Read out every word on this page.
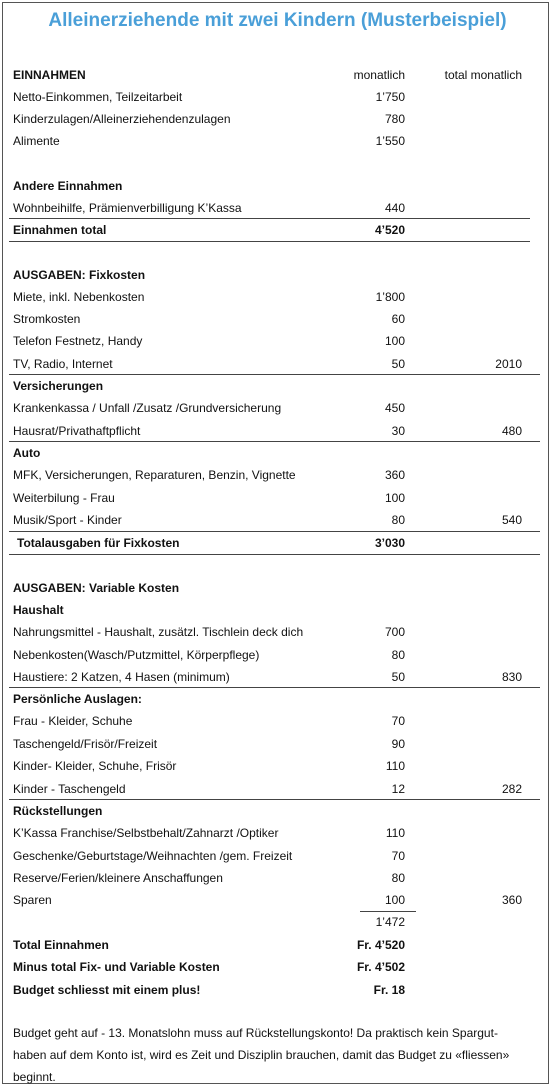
Alleinerziehende mit zwei Kindern (Musterbeispiel)
EINNAHMEN	monatlich	total monatlich
Netto-Einkommen, Teilzeitarbeit	1’750
Kinderzulagen/Alleinerziehendenzulagen	780
Alimente	1’550
Andere Einnahmen
Wohnbeihilfe, Prämienverbilligung K’Kassa	440
Einnahmen total	4’520
AUSGABEN: Fixkosten
Miete, inkl. Nebenkosten	1’800
Stromkosten	60
Telefon Festnetz, Handy	100
TV, Radio, Internet	50	2010
Versicherungen
Krankenkassa / Unfall /Zusatz /Grundversicherung	450
Hausrat/Privathaftpflicht	30	480
Auto
MFK, Versicherungen, Reparaturen, Benzin, Vignette	360
Weiterbilung - Frau	100
Musik/Sport - Kinder	80	540
Totalausgaben für Fixkosten	3’030
AUSGABEN: Variable Kosten
Haushalt
Nahrungsmittel - Haushalt, zusätzl. Tischlein deck dich	700
Nebenkosten(Wasch/Putzmittel, Körperpflege)	80
Haustiere: 2 Katzen, 4 Hasen (minimum)	50	830
Persönliche Auslagen:
Frau - Kleider, Schuhe	70
Taschengeld/Frisör/Freizeit	90
Kinder- Kleider, Schuhe, Frisör	110
Kinder - Taschengeld	12	282
Rückstellungen
K’Kassa Franchise/Selbstbehalt/Zahnarzt /Optiker	110
Geschenke/Geburtstage/Weihnachten /gem. Freizeit	70
Reserve/Ferien/kleinere Anschaffungen	80
Sparen	100	360
1’472
Total Einnahmen	Fr. 4’520
Minus total Fix- und Variable Kosten	Fr. 4’502
Budget schliesst mit einem plus!	Fr. 18

Budget geht auf - 13. Monatslohn muss auf Rückstellungskonto! Da praktisch kein Spargut-

haben auf dem Konto ist, wird es Zeit und Disziplin brauchen, damit das Budget zu «fliessen» beginnt.
